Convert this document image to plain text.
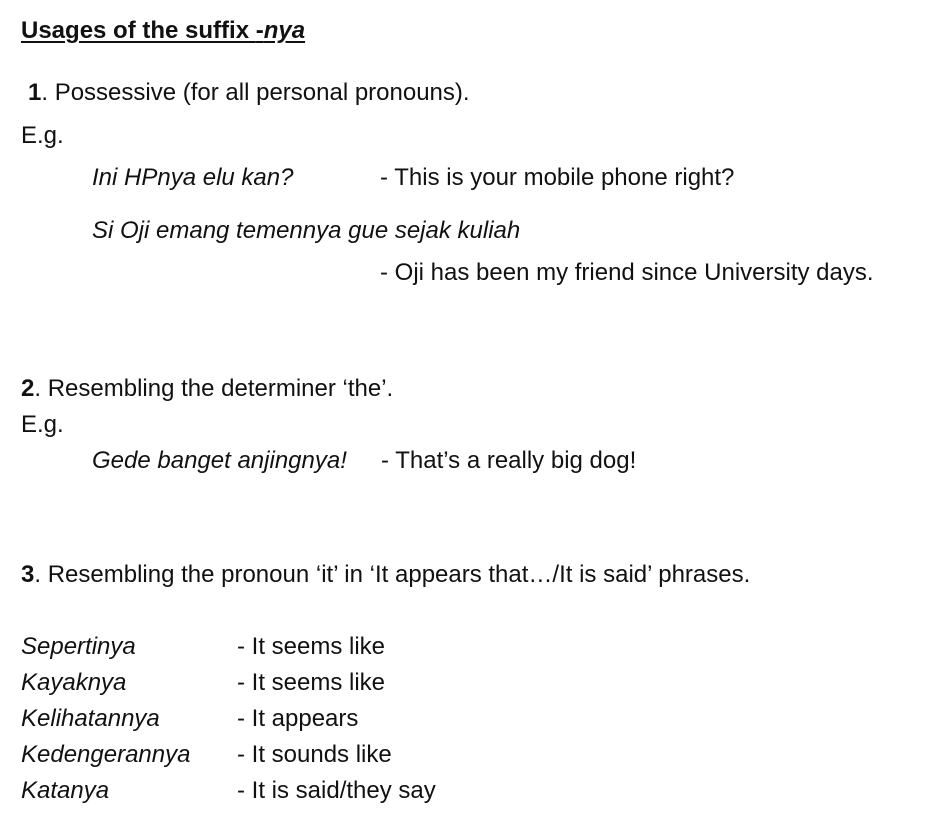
Usages of the suffix -nya
1. Possessive (for all personal pronouns).
E.g.
Ini HPnya elu kan?	- This is your mobile phone right?
Si Oji emang temennya gue sejak kuliah
- Oji has been my friend since University days.
2. Resembling the determiner ‘the’.
E.g.
Gede banget anjingnya! - That’s a really big dog!
3. Resembling the pronoun ‘it’ in ‘It appears that…/It is said’ phrases.
Sepertinya	- It seems like
Kayaknya	- It seems like
Kelihatannya	- It appears
Kedengerannya - It sounds like
Katanya	- It is said/they say
